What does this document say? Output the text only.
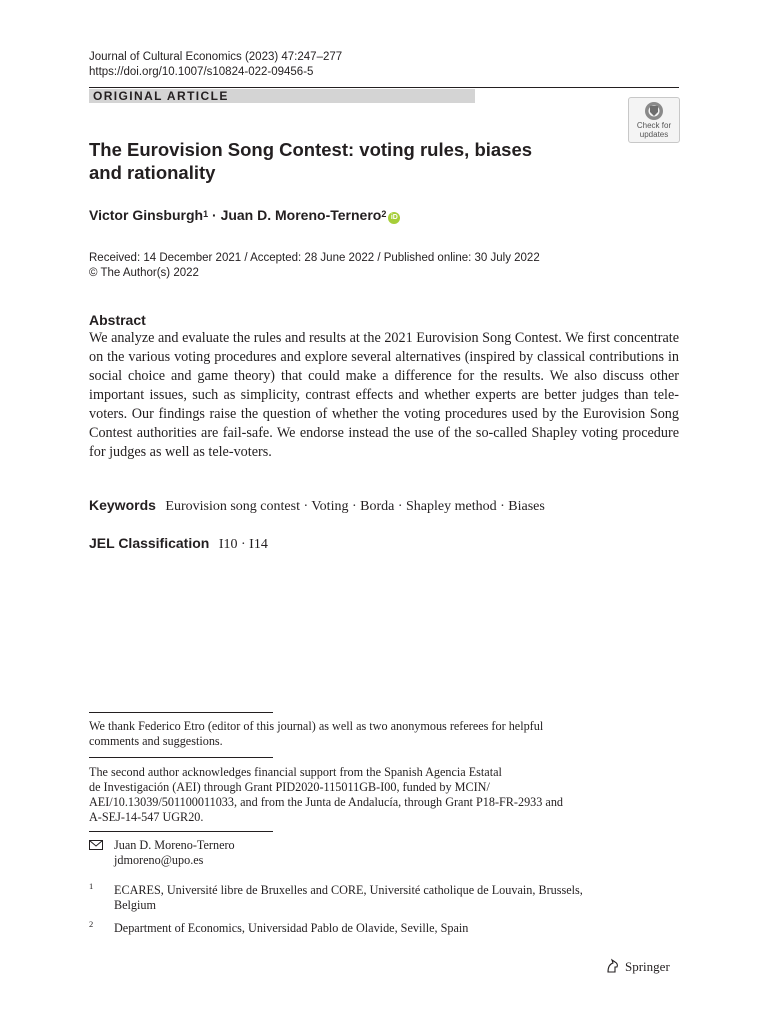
Journal of Cultural Economics (2023) 47:247–277
https://doi.org/10.1007/s10824-022-09456-5
ORIGINAL ARTICLE
Check for
updates
The Eurovision Song Contest: voting rules, biases
and rationality
Victor Ginsburgh$^1$ · Juan D. Moreno-Ternero$^2$ iD
Received: 14 December 2021 / Accepted: 28 June 2022 / Published online: 30 July 2022
© The Author(s) 2022
Abstract
We analyze and evaluate the rules and results at the 2021 Eurovision Song Contest. We first concentrate on the various voting procedures and explore several alternatives (inspired by classical contributions in social choice and game theory) that could make a difference for the results. We also discuss other important issues, such as simplicity, contrast effects and whether experts are better judges than tele-voters. Our findings raise the question of whether the voting procedures used by the Eurovision Song Contest authorities are fail-safe. We endorse instead the use of the so-called Shapley voting procedure for judges as well as tele-voters.
Keywords Eurovision song contest · Voting · Borda · Shapley method · Biases
JEL Classification I10 · I14
We thank Federico Etro (editor of this journal) as well as two anonymous referees for helpful
comments and suggestions.
The second author acknowledges financial support from the Spanish Agencia Estatal
de Investigación (AEI) through Grant PID2020-115011GB-I00, funded by MCIN/
AEI/10.13039/501100011033, and from the Junta de Andalucía, through Grant P18-FR-2933 and
A-SEJ-14-547 UGR20.
Juan D. Moreno-Ternero
jdmoreno@upo.es
1 ECARES, Université libre de Bruxelles and CORE, Université catholique de Louvain, Brussels,
Belgium
2 Department of Economics, Universidad Pablo de Olavide, Seville, Spain
Springer
